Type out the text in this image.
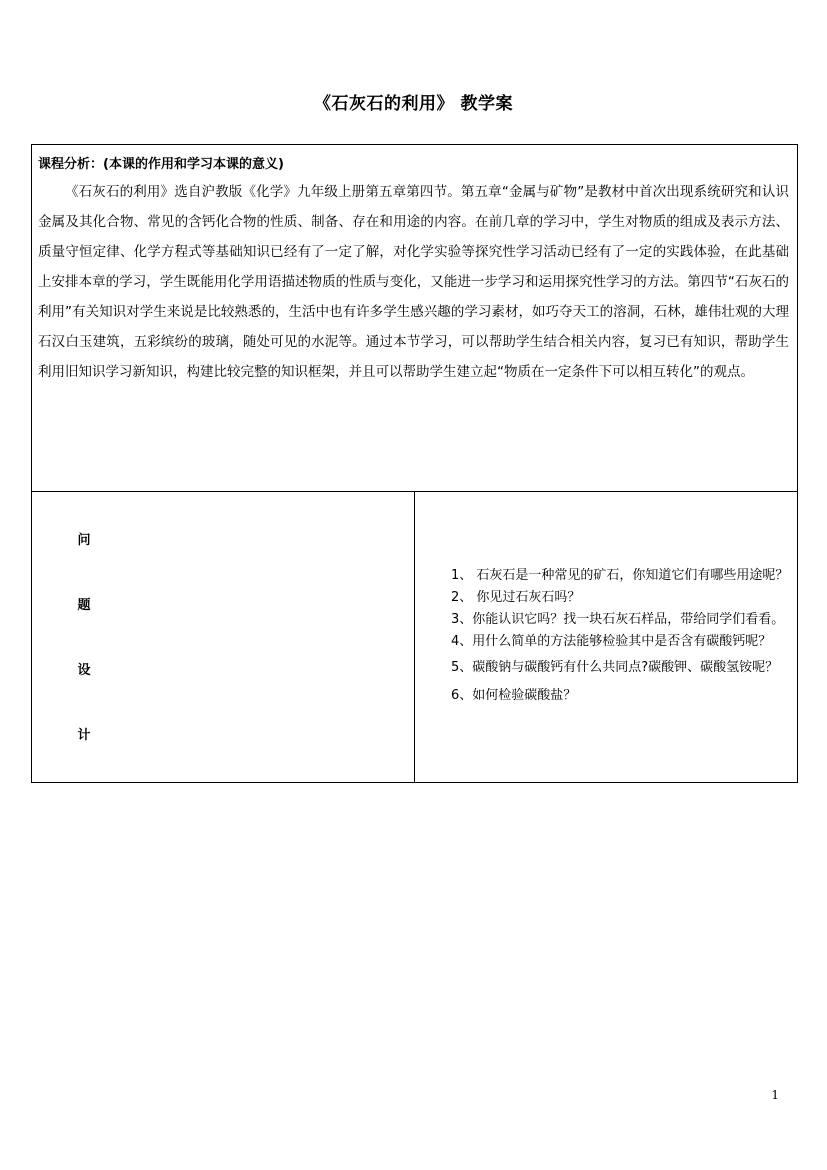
《石灰石的利用》 教学案
课程分析：(本课的作用和学习本课的意义)
《石灰石的利用》选自沪教版《化学》九年级上册第五章第四节。第五章“金属与矿物”是教材中首次出现系统研究和认识金属及其化合物、常见的含钙化合物的性质、制备、存在和用途的内容。在前几章的学习中，学生对物质的组成及表示方法、质量守恒定律、化学方程式等基础知识已经有了一定了解，对化学实验等探究性学习活动已经有了一定的实践体验，在此基础上安排本章的学习，学生既能用化学用语描述物质的性质与变化，又能进一步学习和运用探究性学习的方法。第四节“石灰石的利用”有关知识对学生来说是比较熟悉的，生活中也有许多学生感兴趣的学习素材，如巧夺天工的溶洞，石林，雄伟壮观的大理石汉白玉建筑，五彩缤纷的玻璃，随处可见的水泥等。通过本节学习，可以帮助学生结合相关内容，复习已有知识，帮助学生利用旧知识学习新知识，构建比较完整的知识框架，并且可以帮助学生建立起“物质在一定条件下可以相互转化”的观点。

问
题
设
计

1、 石灰石是一种常见的矿石，你知道它们有哪些用途呢？
2、 你见过石灰石吗？
3、你能认识它吗？找一块石灰石样品，带给同学们看看。
4、用什么简单的方法能够检验其中是否含有碳酸钙呢？
5、碳酸钠与碳酸钙有什么共同点?碳酸钾、碳酸氢铵呢？
6、如何检验碳酸盐？
1
